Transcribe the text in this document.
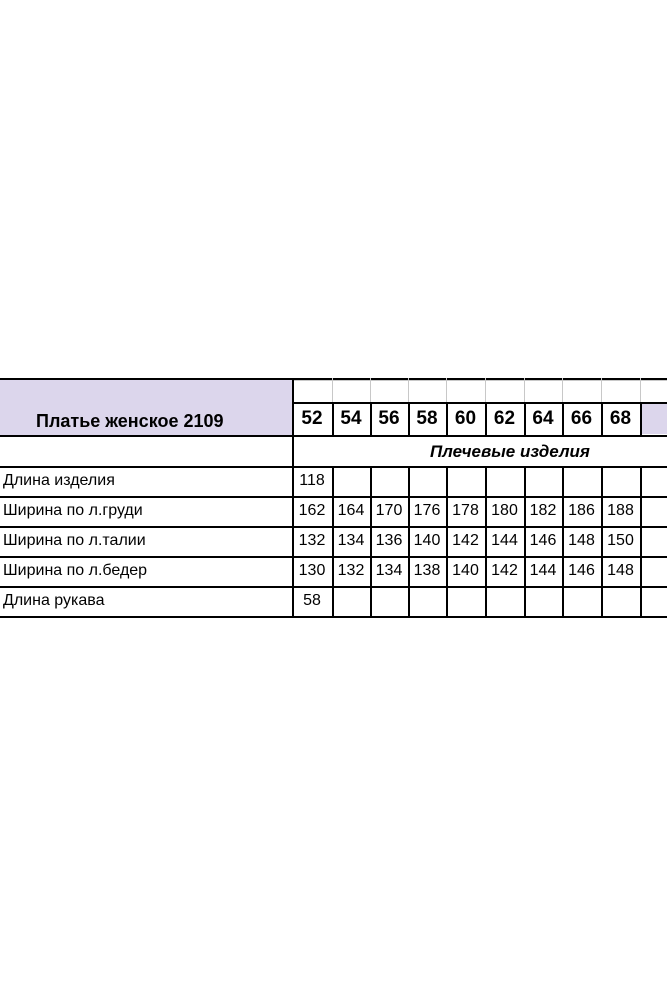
Платье женское 2109	52 54 56 58 60 62 64 66 68
Плечевые изделия
Длина изделия	118
Ширина по л.груди	162 164 170 176 178 180 182 186 188
Ширина по л.талии	132 134 136 140 142 144 146 148 150
Ширина по л.бедер	130 132 134 138 140 142 144 146 148
Длина рукава	58
